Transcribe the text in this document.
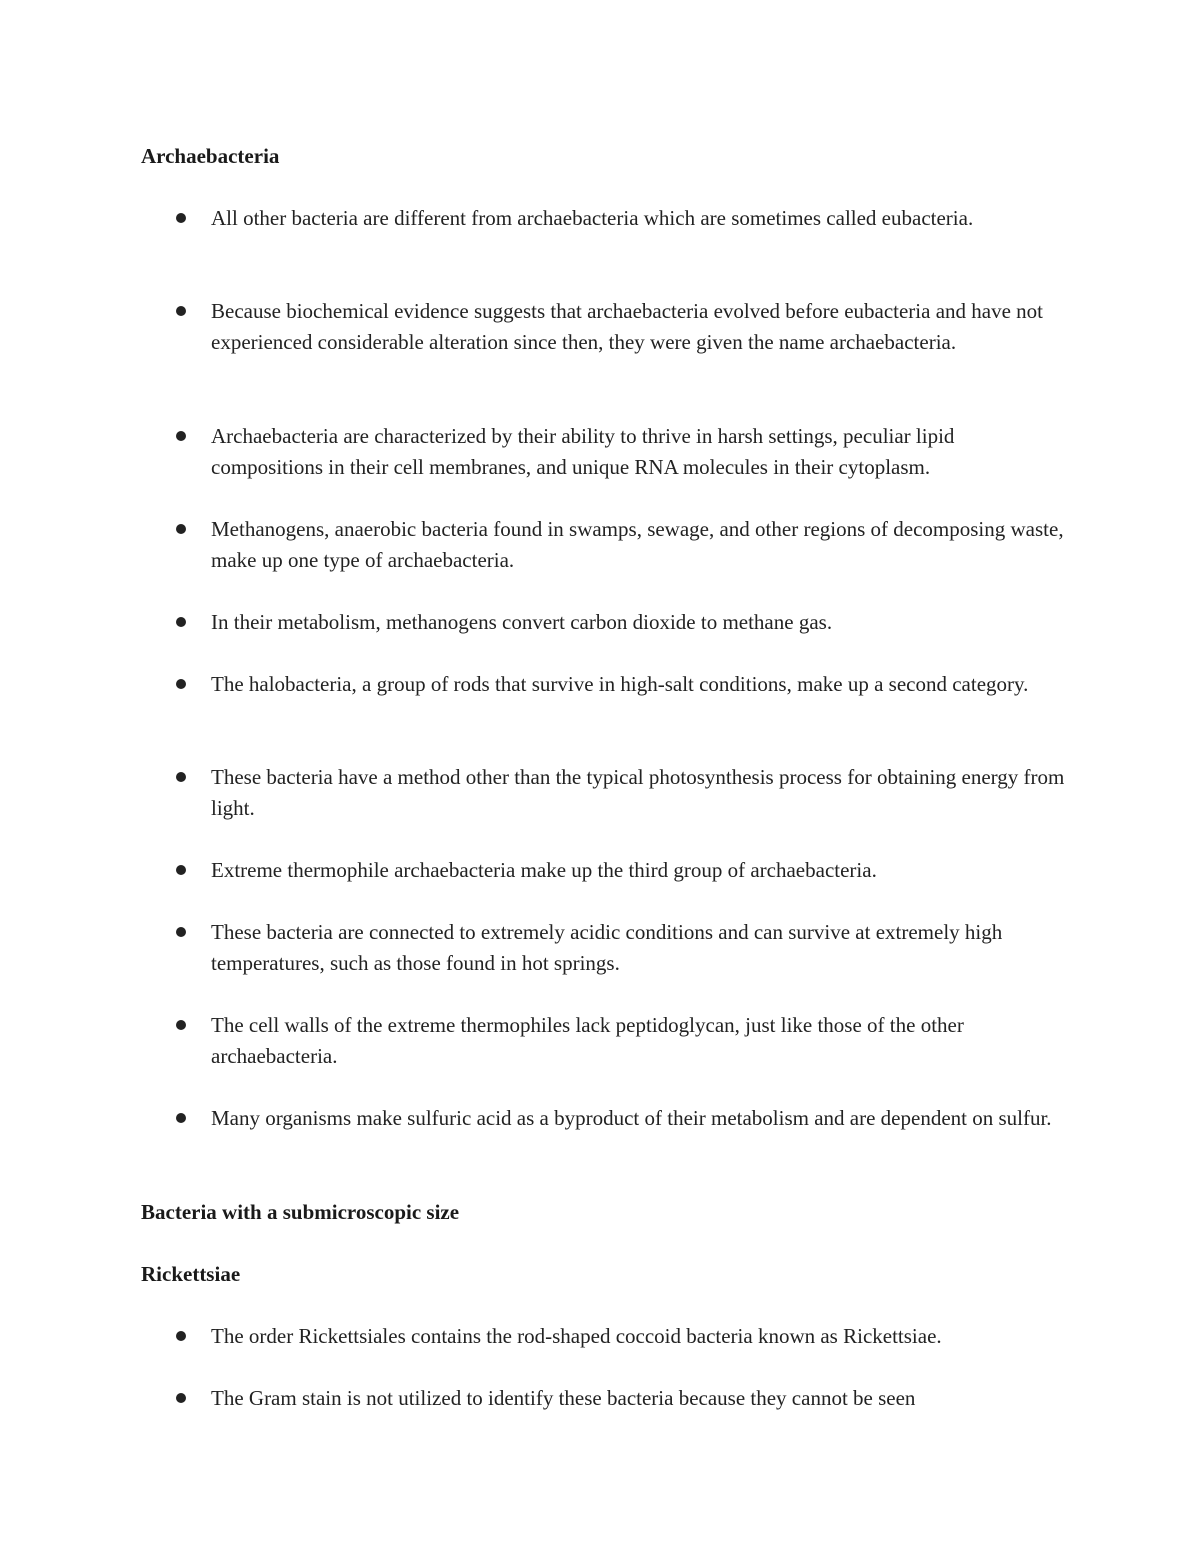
Archaebacteria
All other bacteria are different from archaebacteria which are sometimes called eubacteria.
Because biochemical evidence suggests that archaebacteria evolved before eubacteria and have not experienced considerable alteration since then, they were given the name archaebacteria.
Archaebacteria are characterized by their ability to thrive in harsh settings, peculiar lipid compositions in their cell membranes, and unique RNA molecules in their cytoplasm.
Methanogens, anaerobic bacteria found in swamps, sewage, and other regions of decomposing waste, make up one type of archaebacteria.
In their metabolism, methanogens convert carbon dioxide to methane gas.
The halobacteria, a group of rods that survive in high-salt conditions, make up a second category.
These bacteria have a method other than the typical photosynthesis process for obtaining energy from light.
Extreme thermophile archaebacteria make up the third group of archaebacteria.
These bacteria are connected to extremely acidic conditions and can survive at extremely high temperatures, such as those found in hot springs.
The cell walls of the extreme thermophiles lack peptidoglycan, just like those of the other archaebacteria.
Many organisms make sulfuric acid as a byproduct of their metabolism and are dependent on sulfur.
Bacteria with a submicroscopic size
Rickettsiae
The order Rickettsiales contains the rod-shaped coccoid bacteria known as Rickettsiae.
The Gram stain is not utilized to identify these bacteria because they cannot be seen
